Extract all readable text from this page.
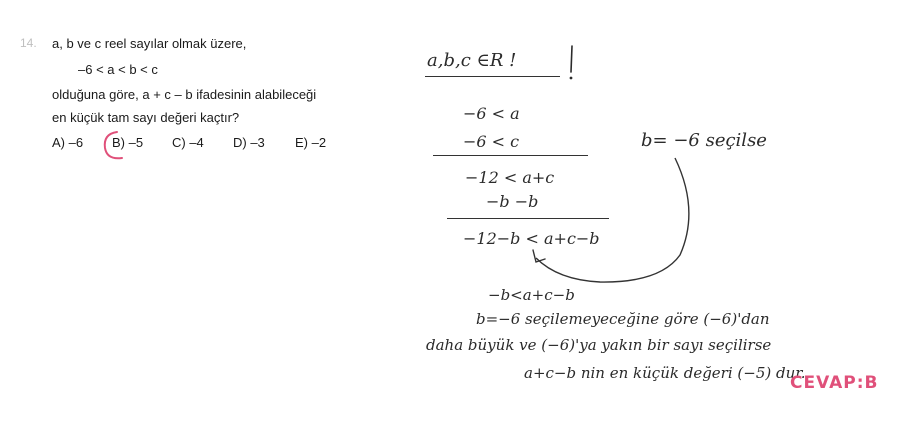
14. a, b ve c reel sayılar olmak üzere,
–6 < a < b < c
olduğuna göre, a + c – b ifadesinin alabileceği
en küçük tam sayı değeri kaçtır?
A) –6 B) –5 C) –4 D) –3 E) –2
a,b,c ∈R !
−6 < a
−6 < c
−12 < a+c
−b −b
−12−b < a+c−b
b= −6 seçilse
−b<a+c−b
b=−6 seçilemeyeceğine göre (−6)'dan
daha büyük ve (−6)'ya yakın bir sayı seçilirse
a+c−b nin en küçük değeri (−5) dur.
CEVAP:B
